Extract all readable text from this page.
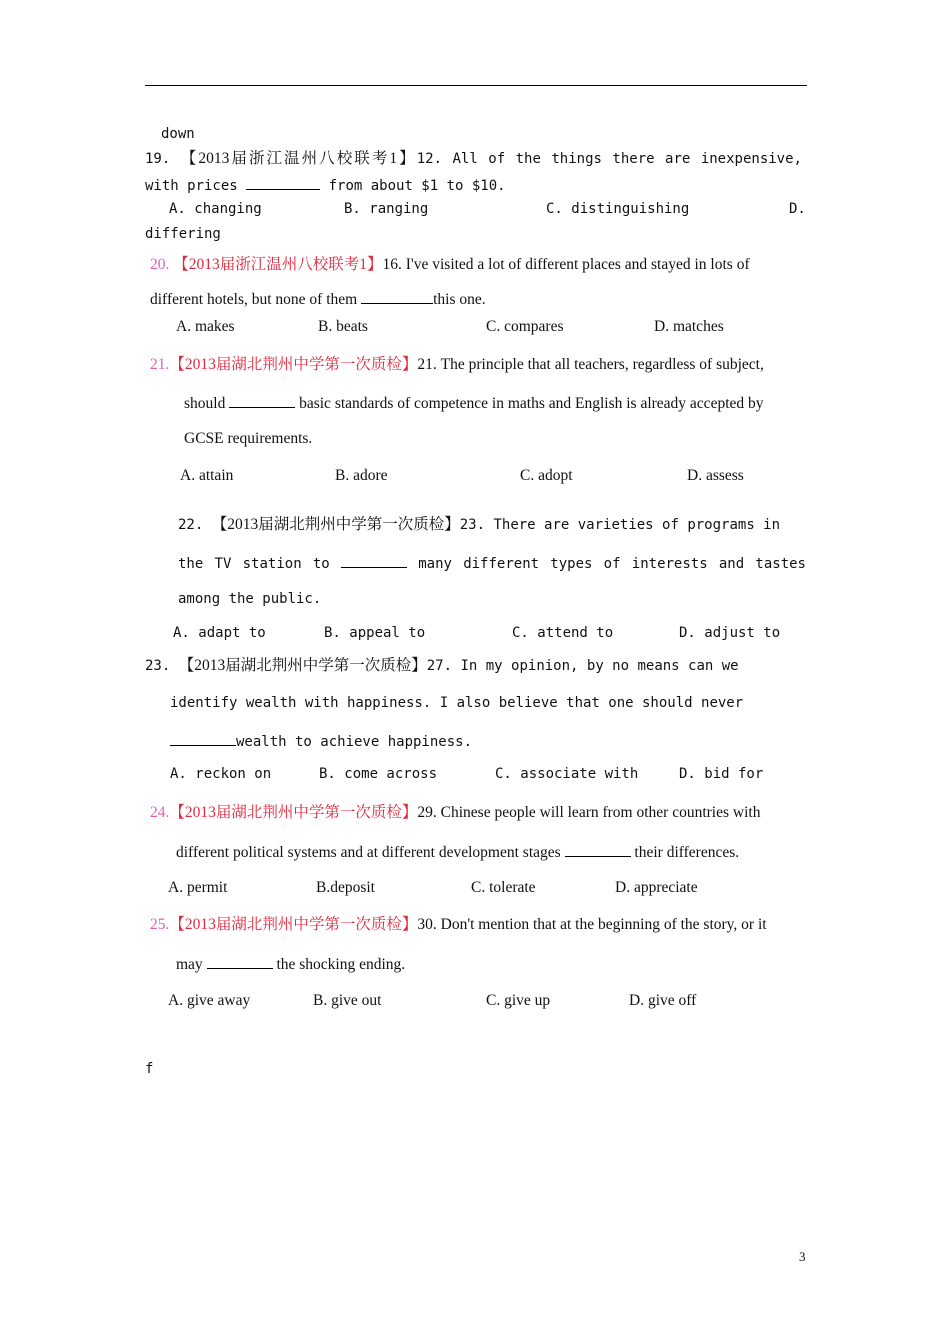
down
19. 【2013届浙江温州八校联考1】12. All of the things there are inexpensive,
with prices	from about $1 to $10.
A. changing	B. ranging	C. distinguishing	D.
differing
20. 【2013届浙江温州八校联考1】16. I've visited a lot of different places and stayed in lots of
different hotels, but none of them	this one.
A. makes	B. beats	C. compares	D. matches
21.【2013届湖北荆州中学第一次质检】21. The principle that all teachers, regardless of subject,
should	basic standards of competence in maths and English is already accepted by
GCSE requirements.
A. attain	B. adore	C. adopt	D. assess
22. 【2013届湖北荆州中学第一次质检】23. There are varieties of programs in
the TV station to	many different types of interests and tastes
among the public.
A. adapt to	B. appeal to	C. attend to	D. adjust to
23. 【2013届湖北荆州中学第一次质检】27. In my opinion, by no means can we
identify wealth with happiness. I also believe that one should never
wealth to achieve happiness.
A. reckon on	B. come across	C. associate with	D. bid for
24.【2013届湖北荆州中学第一次质检】29. Chinese people will learn from other countries with
different political systems and at different development stages	their differences.
A. permit	B.deposit	C. tolerate	D. appreciate
25.【2013届湖北荆州中学第一次质检】30. Don't mention that at the beginning of the story, or it
may	the shocking ending.
A. give away	B. give out	C. give up	D. give off
f
3
